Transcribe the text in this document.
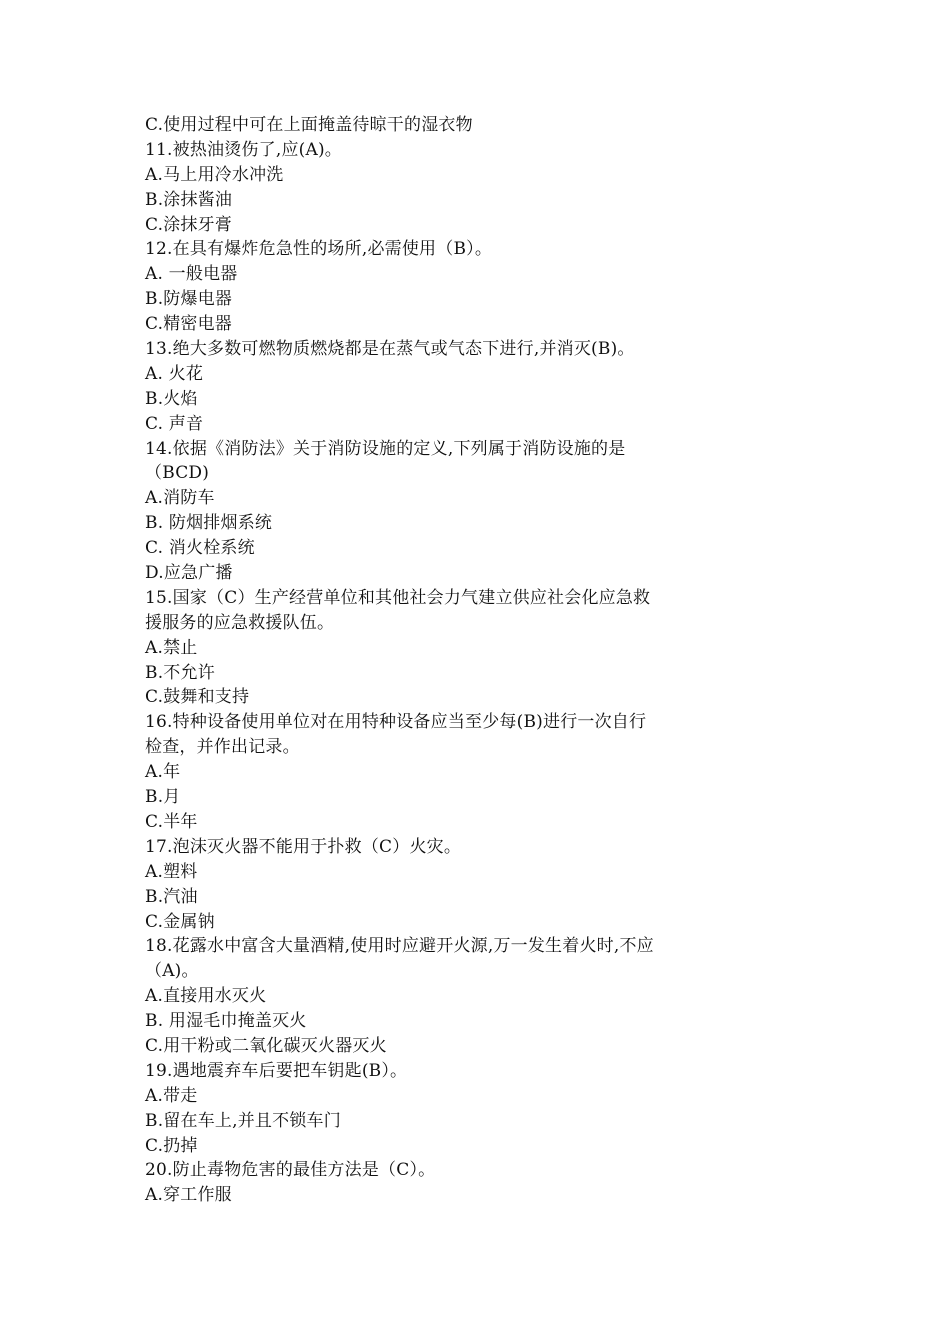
C.使用过程中可在上面掩盖待晾干的湿衣物
11.被热油烫伤了,应(A)。
A.马上用冷水冲洗
B.涂抹酱油
C.涂抹牙膏
12.在具有爆炸危急性的场所,必需使用（B）。
A. 一般电器
B.防爆电器
C.精密电器
13.绝大多数可燃物质燃烧都是在蒸气或气态下进行,并消灭(B)。
A. 火花
B.火焰
C. 声音
14.依据《消防法》关于消防设施的定义,下列属于消防设施的是
（BCD)
A.消防车
B. 防烟排烟系统
C. 消火栓系统
D.应急广播
15.国家（C）生产经营单位和其他社会力气建立供应社会化应急救
援服务的应急救援队伍。
A.禁止
B.不允许
C.鼓舞和支持
16.特种设备使用单位对在用特种设备应当至少每(B)进行一次自行
检查，并作出记录。
A.年
B.月
C.半年
17.泡沫灭火器不能用于扑救（C）火灾。
A.塑料
B.汽油
C.金属钠
18.花露水中富含大量酒精,使用时应避开火源,万一发生着火时,不应
（A)。
A.直接用水灭火
B. 用湿毛巾掩盖灭火
C.用干粉或二氧化碳灭火器灭火
19.遇地震弃车后要把车钥匙(B）。
A.带走
B.留在车上,并且不锁车门
C.扔掉
20.防止毒物危害的最佳方法是（C）。
A.穿工作服
